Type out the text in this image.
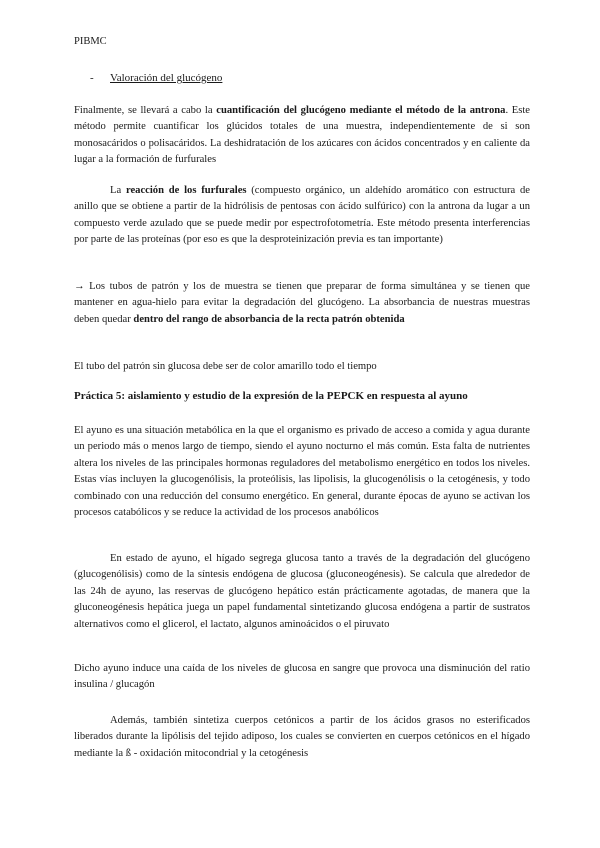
PIBMC
- Valoración del glucógeno

Finalmente, se llevará a cabo la cuantificación del glucógeno mediante el método de la antrona. Este método permite cuantificar los glúcidos totales de una muestra, independientemente de si son monosacáridos o polisacáridos. La deshidratación de los azúcares con ácidos concentrados y en caliente da lugar a la formación de furfurales

La reacción de los furfurales (compuesto orgánico, un aldehído aromático con estructura de anillo que se obtiene a partir de la hidrólisis de pentosas con ácido sulfúrico) con la antrona da lugar a un compuesto verde azulado que se puede medir por espectrofotometría. Este método presenta interferencias por parte de las proteínas (por eso es que la desproteinización previa es tan importante)

→ Los tubos de patrón y los de muestra se tienen que preparar de forma simultánea y se tienen que mantener en agua-hielo para evitar la degradación del glucógeno. La absorbancia de nuestras muestras deben quedar dentro del rango de absorbancia de la recta patrón obtenida

El tubo del patrón sin glucosa debe ser de color amarillo todo el tiempo

Práctica 5: aislamiento y estudio de la expresión de la PEPCK en respuesta al ayuno

El ayuno es una situación metabólica en la que el organismo es privado de acceso a comida y agua durante un periodo más o menos largo de tiempo, siendo el ayuno nocturno el más común. Esta falta de nutrientes altera los niveles de las principales hormonas reguladores del metabolismo energético en todos los niveles. Estas vías incluyen la glucogenólisis, la proteólisis, las lipolisis, la glucogenólisis o la cetogénesis, y todo combinado con una reducción del consumo energético. En general, durante épocas de ayuno se activan los procesos catabólicos y se reduce la actividad de los procesos anabólicos

En estado de ayuno, el hígado segrega glucosa tanto a través de la degradación del glucógeno (glucogenólisis) como de la síntesis endógena de glucosa (gluconeogénesis). Se calcula que alrededor de las 24h de ayuno, las reservas de glucógeno hepático están prácticamente agotadas, de manera que la gluconeogénesis hepática juega un papel fundamental sintetizando glucosa endógena a partir de sustratos alternativos como el glicerol, el lactato, algunos aminoácidos o el piruvato

Dicho ayuno induce una caída de los niveles de glucosa en sangre que provoca una disminución del ratio insulina / glucagón

Además, también sintetiza cuerpos cetónicos a partir de los ácidos grasos no esterificados liberados durante la lipólisis del tejido adiposo, los cuales se convierten en cuerpos cetónicos en el hígado mediante la ß - oxidación mitocondrial y la cetogénesis
